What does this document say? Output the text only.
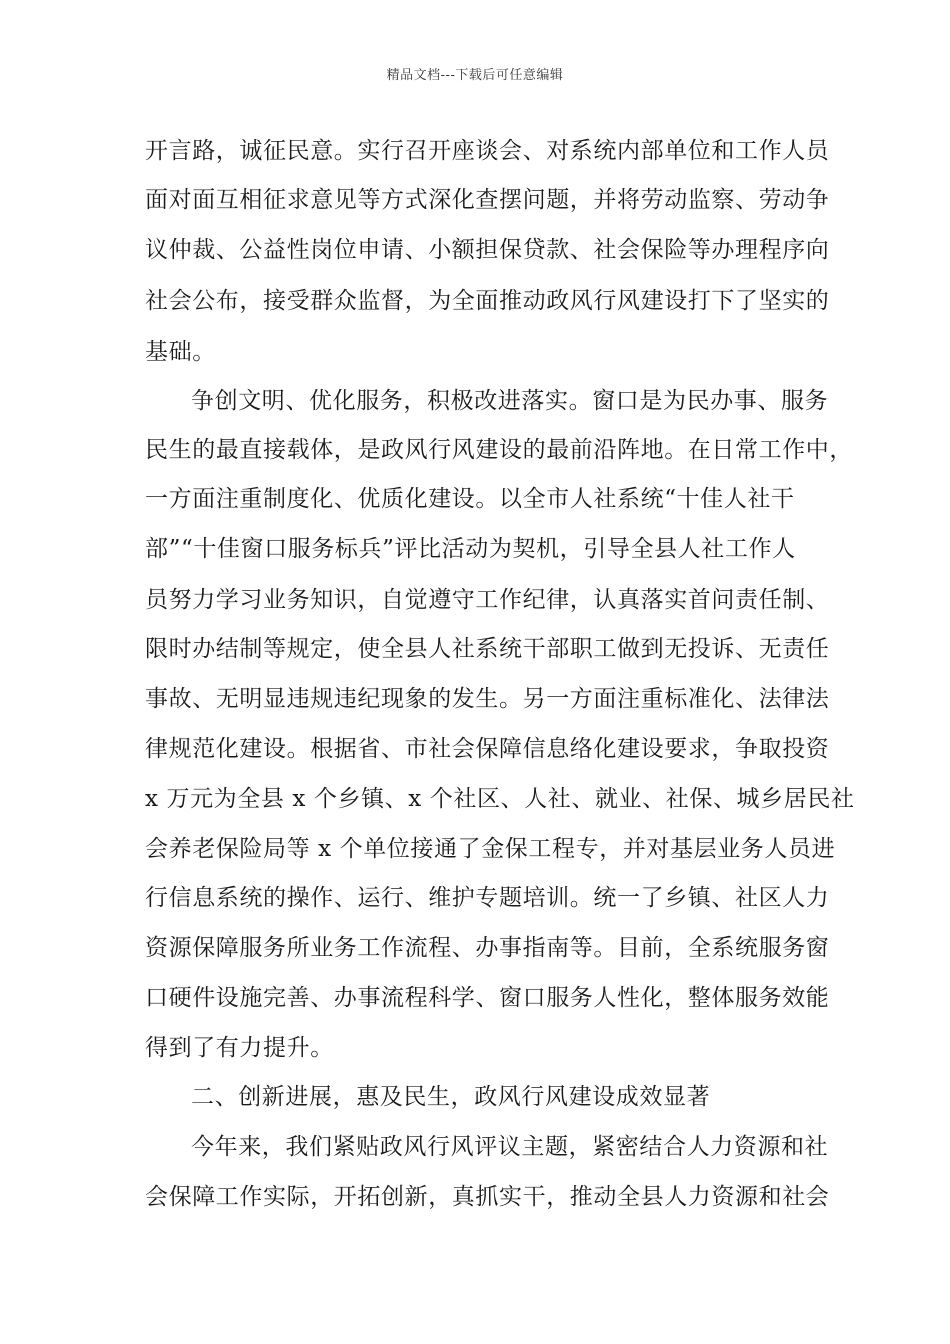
精品文档---下载后可任意编辑
开言路，诚征民意。实行召开座谈会、对系统内部单位和工作人员
面对面互相征求意见等方式深化查摆问题，并将劳动监察、劳动争
议仲裁、公益性岗位申请、小额担保贷款、社会保险等办理程序向
社会公布，接受群众监督，为全面推动政风行风建设打下了坚实的
基础。
争创文明、优化服务，积极改进落实。窗口是为民办事、服务
民生的最直接载体，是政风行风建设的最前沿阵地。在日常工作中，
一方面注重制度化、优质化建设。以全市人社系统“十佳人社干
部”“十佳窗口服务标兵”评比活动为契机，引导全县人社工作人
员努力学习业务知识，自觉遵守工作纪律，认真落实首问责任制、
限时办结制等规定，使全县人社系统干部职工做到无投诉、无责任
事故、无明显违规违纪现象的发生。另一方面注重标准化、法律法
律规范化建设。根据省、市社会保障信息络化建设要求，争取投资
x 万元为全县 x 个乡镇、x 个社区、人社、就业、社保、城乡居民社
会养老保险局等 x 个单位接通了金保工程专，并对基层业务人员进
行信息系统的操作、运行、维护专题培训。统一了乡镇、社区人力
资源保障服务所业务工作流程、办事指南等。目前，全系统服务窗
口硬件设施完善、办事流程科学、窗口服务人性化，整体服务效能
得到了有力提升。
二、创新进展，惠及民生，政风行风建设成效显著
今年来，我们紧贴政风行风评议主题，紧密结合人力资源和社
会保障工作实际，开拓创新，真抓实干，推动全县人力资源和社会
